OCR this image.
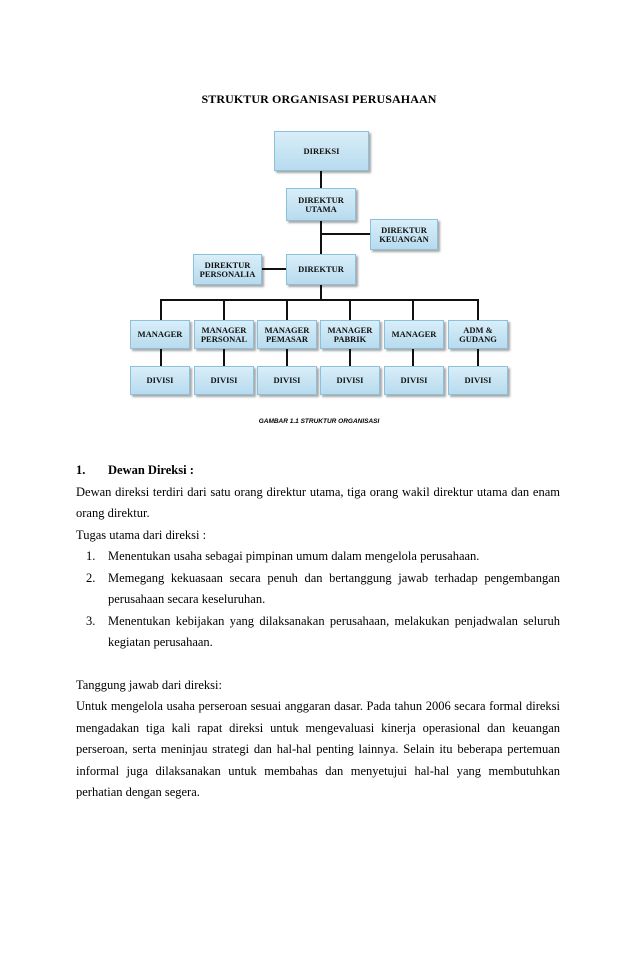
STRUKTUR ORGANISASI PERUSAHAAN
DIREKSI
DIREKTUR
UTAMA
DIREKTUR
KEUANGAN
DIREKTUR
PERSONALIA	DIREKTUR
MANAGER MANAGER
PERSONAL
MANAGER
PEMASAR
MANAGER
PABRIK	MANAGER	ADM &
GUDANG
DIVISI	DIVISI	DIVISI	DIVISI	DIVISI	DIVISI
GAMBAR 1.1 STRUKTUR ORGANISASI
1. Dewan Direksi :
Dewan direksi terdiri dari satu orang direktur utama, tiga orang wakil direktur utama dan enam orang direktur.
Tugas utama dari direksi :
1. Menentukan usaha sebagai pimpinan umum dalam mengelola perusahaan.
2. Memegang kekuasaan secara penuh dan bertanggung jawab terhadap pengembangan perusahaan secara keseluruhan.
3. Menentukan kebijakan yang dilaksanakan perusahaan, melakukan penjadwalan seluruh kegiatan perusahaan.
Tanggung jawab dari direksi:
Untuk mengelola usaha perseroan sesuai anggaran dasar. Pada tahun 2006 secara formal direksi mengadakan tiga kali rapat direksi untuk mengevaluasi kinerja operasional dan keuangan perseroan, serta meninjau strategi dan hal-hal penting lainnya. Selain itu beberapa pertemuan informal juga dilaksanakan untuk membahas dan menyetujui hal-hal yang membutuhkan perhatian dengan segera.
